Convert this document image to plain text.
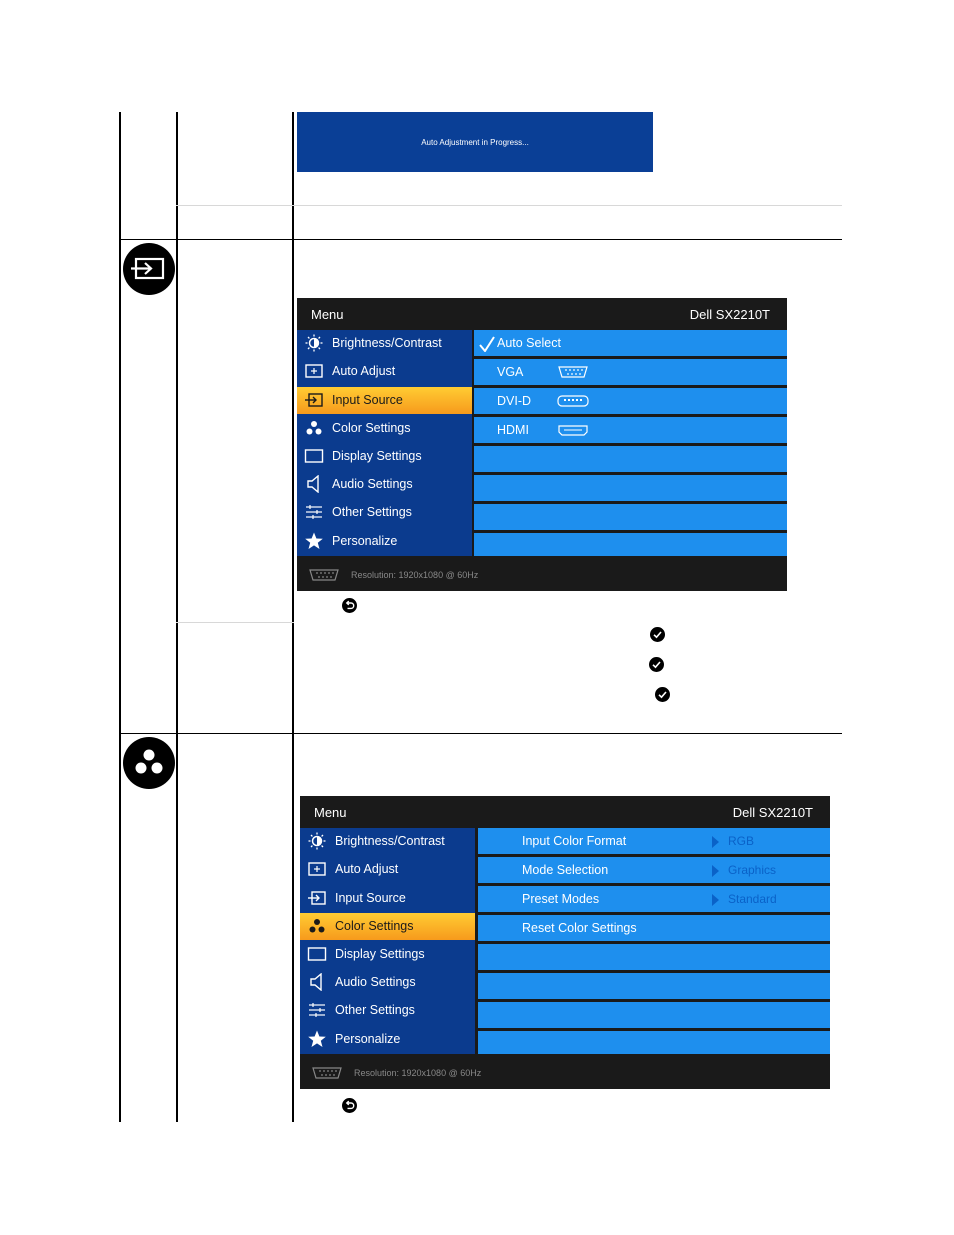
Auto Adjustment in Progress...
Menu	Dell SX2210T
Brightness/Contrast
Auto Adjust
Input Source
Color Settings
Display Settings
Audio Settings
Other Settings
Personalize
Auto Select
VGA
DVI-D
HDMI
Resolution: 1920x1080 @ 60Hz
Menu	Dell SX2210T
Brightness/Contrast
Auto Adjust
Input Source
Color Settings
Display Settings
Audio Settings
Other Settings
Personalize
Input Color Format	RGB
Mode Selection	Graphics
Preset Modes	Standard
Reset Color Settings
Resolution: 1920x1080 @ 60Hz
